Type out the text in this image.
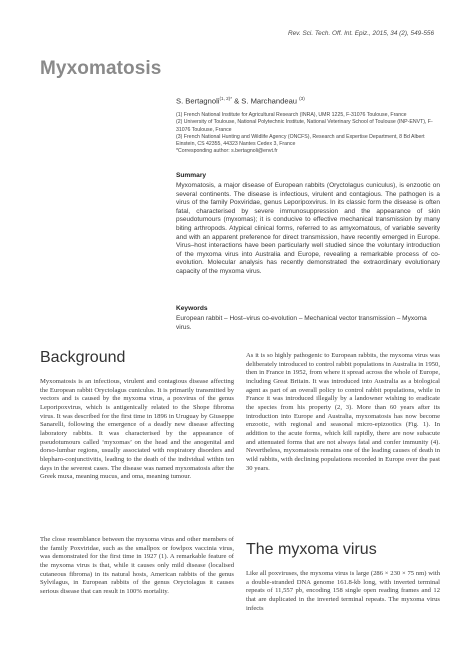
Rev. Sci. Tech. Off. Int. Epiz., 2015, 34 (2), 549-556
Myxomatosis
S. Bertagnoli$^{(1, 2)*}$ & S. Marchandeau $^{(3)}$

(1) French National Institute for Agricultural Research (INRA), UMR 1225, F-31076 Toulouse, France

(2) University of Toulouse, National Polytechnic Institute, National Veterinary School of Toulouse (INP-ENVT), F-31076 Toulouse, France

(3) French National Hunting and Wildlife Agency (ONCFS), Research and Expertise Department, 8 Bd Albert Einstein, CS 42355, 44323 Nantes Cedex 3, France

*Corresponding author: s.bertagnoli@envt.fr

Summary
Myxomatosis, a major disease of European rabbits (Oryctolagus cuniculus), is enzootic on several continents. The disease is infectious, virulent and contagious. The pathogen is a virus of the family Poxviridae, genus Leporipoxvirus. In its classic form the disease is often fatal, characterised by severe immunosuppression and the appearance of skin pseudotumours (myxomas); it is conducive to effective mechanical transmission by many biting arthropods. Atypical clinical forms, referred to as amyxomatous, of variable severity and with an apparent preference for direct transmission, have recently emerged in Europe. Virus–host interactions have been particularly well studied since the voluntary introduction of the myxoma virus into Australia and Europe, revealing a remarkable process of co-evolution. Molecular analysis has recently demonstrated the extraordinary evolutionary capacity of the myxoma virus.
Keywords
European rabbit – Host–virus co-evolution – Mechanical vector transmission – Myxoma virus.
Background
Myxomatosis is an infectious, virulent and contagious disease affecting the European rabbit Oryctolagus cuniculus. It is primarily transmitted by vectors and is caused by the myxoma virus, a poxvirus of the genus Leporipoxvirus, which is antigenically related to the Shope fibroma virus. It was described for the first time in 1896 in Uruguay by Giuseppe Sanarelli, following the emergence of a deadly new disease affecting laboratory rabbits. It was characterised by the appearance of pseudotumours called ‘myxomas’ on the head and the anogenital and dorso-lumbar regions, usually associated with respiratory disorders and blepharo-conjunctivitis, leading to the death of the individual within ten days in the severest cases. The disease was named myxomatosis after the Greek muxa, meaning mucus, and oma, meaning tumour.
The close resemblance between the myxoma virus and other members of the family Poxviridae, such as the smallpox or fowlpox vaccinia virus, was demonstrated for the first time in 1927 (1). A remarkable feature of the myxoma virus is that, while it causes only mild disease (localised cutaneous fibroma) in its natural hosts, American rabbits of the genus Sylvilagus, in European rabbits of the genus Oryctolagus it causes serious disease that can result in 100% mortality.
As it is so highly pathogenic to European rabbits, the myxoma virus was deliberately introduced to control rabbit populations in Australia in 1950, then in France in 1952, from where it spread across the whole of Europe, including Great Britain. It was introduced into Australia as a biological agent as part of an overall policy to control rabbit populations, while in France it was introduced illegally by a landowner wishing to eradicate the species from his property (2, 3). More than 60 years after its introduction into Europe and Australia, myxomatosis has now become enzootic, with regional and seasonal micro-epizootics (Fig. 1). In addition to the acute forms, which kill rapidly, there are now subacute and attenuated forms that are not always fatal and confer immunity (4). Nevertheless, myxomatosis remains one of the leading causes of death in wild rabbits, with declining populations recorded in Europe over the past 30 years.
The myxoma virus
Like all poxviruses, the myxoma virus is large (286 × 230 × 75 nm) with a double-stranded DNA genome 161.8-kb long, with inverted terminal repeats of 11,557 pb, encoding 158 single open reading frames and 12 that are duplicated in the inverted terminal repeats. The myxoma virus infects
